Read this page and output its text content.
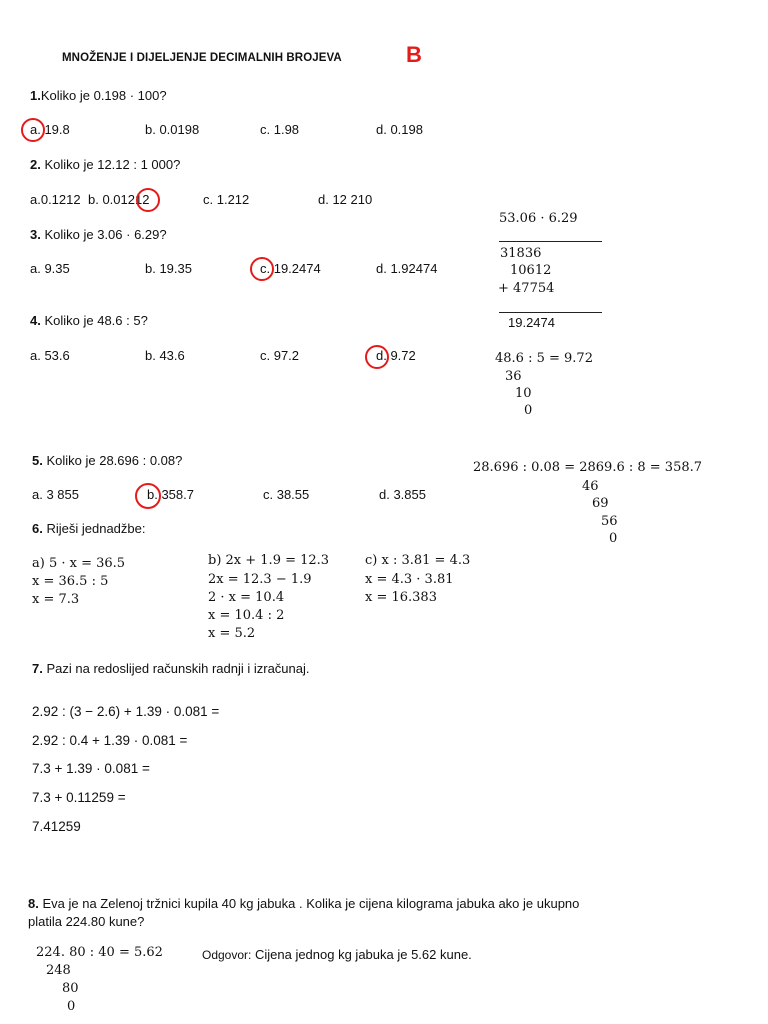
MNOŽENJE I DIJELJENJE DECIMALNIH BROJEVA	B
1.Koliko je 0.198 · 100?
a. 19.8	b. 0.0198	c. 1.98	d. 0.198
2. Koliko je 12.12 : 1 000?
a.0.1212 b. 0.01212	c. 1.212	d. 12 210
3. Koliko je 3.06 · 6.29?
a. 9.35	b. 19.35	c. 19.2474	d. 1.92474
53.06 · 6.29
31836
10612
+ 47754
19.2474
4. Koliko je 48.6 : 5?
a. 53.6	b. 43.6	c. 97.2	d. 9.72	48.6 : 5 = 9.72
36
10
0
5. Koliko je 28.696 : 0.08?
a. 3 855	b. 358.7	c. 38.55	d. 3.855
28.696 : 0.08 = 2869.6 : 8 = 358.7
46
69
56
0
6. Riješi jednadžbe:
a) 5 · x = 36.5
x = 36.5 : 5
x = 7.3
b) 2x + 1.9 = 12.3
2x = 12.3 − 1.9
2 · x = 10.4
x = 10.4 : 2
x = 5.2
c) x : 3.81 = 4.3
x = 4.3 · 3.81
x = 16.383
7. Pazi na redoslijed računskih radnji i izračunaj.
2.92 : (3 − 2.6) + 1.39 · 0.081 =
2.92 : 0.4 + 1.39 · 0.081 =
7.3 + 1.39 · 0.081 =
7.3 + 0.11259 =
7.41259
8. Eva je na Zelenoj tržnici kupila 40 kg jabuka . Kolika je cijena kilograma jabuka ako je ukupno
platila 224.80 kune?
224. 80 : 40 = 5.62
248
80
0
Odgovor: Cijena jednog kg jabuka je 5.62 kune.
